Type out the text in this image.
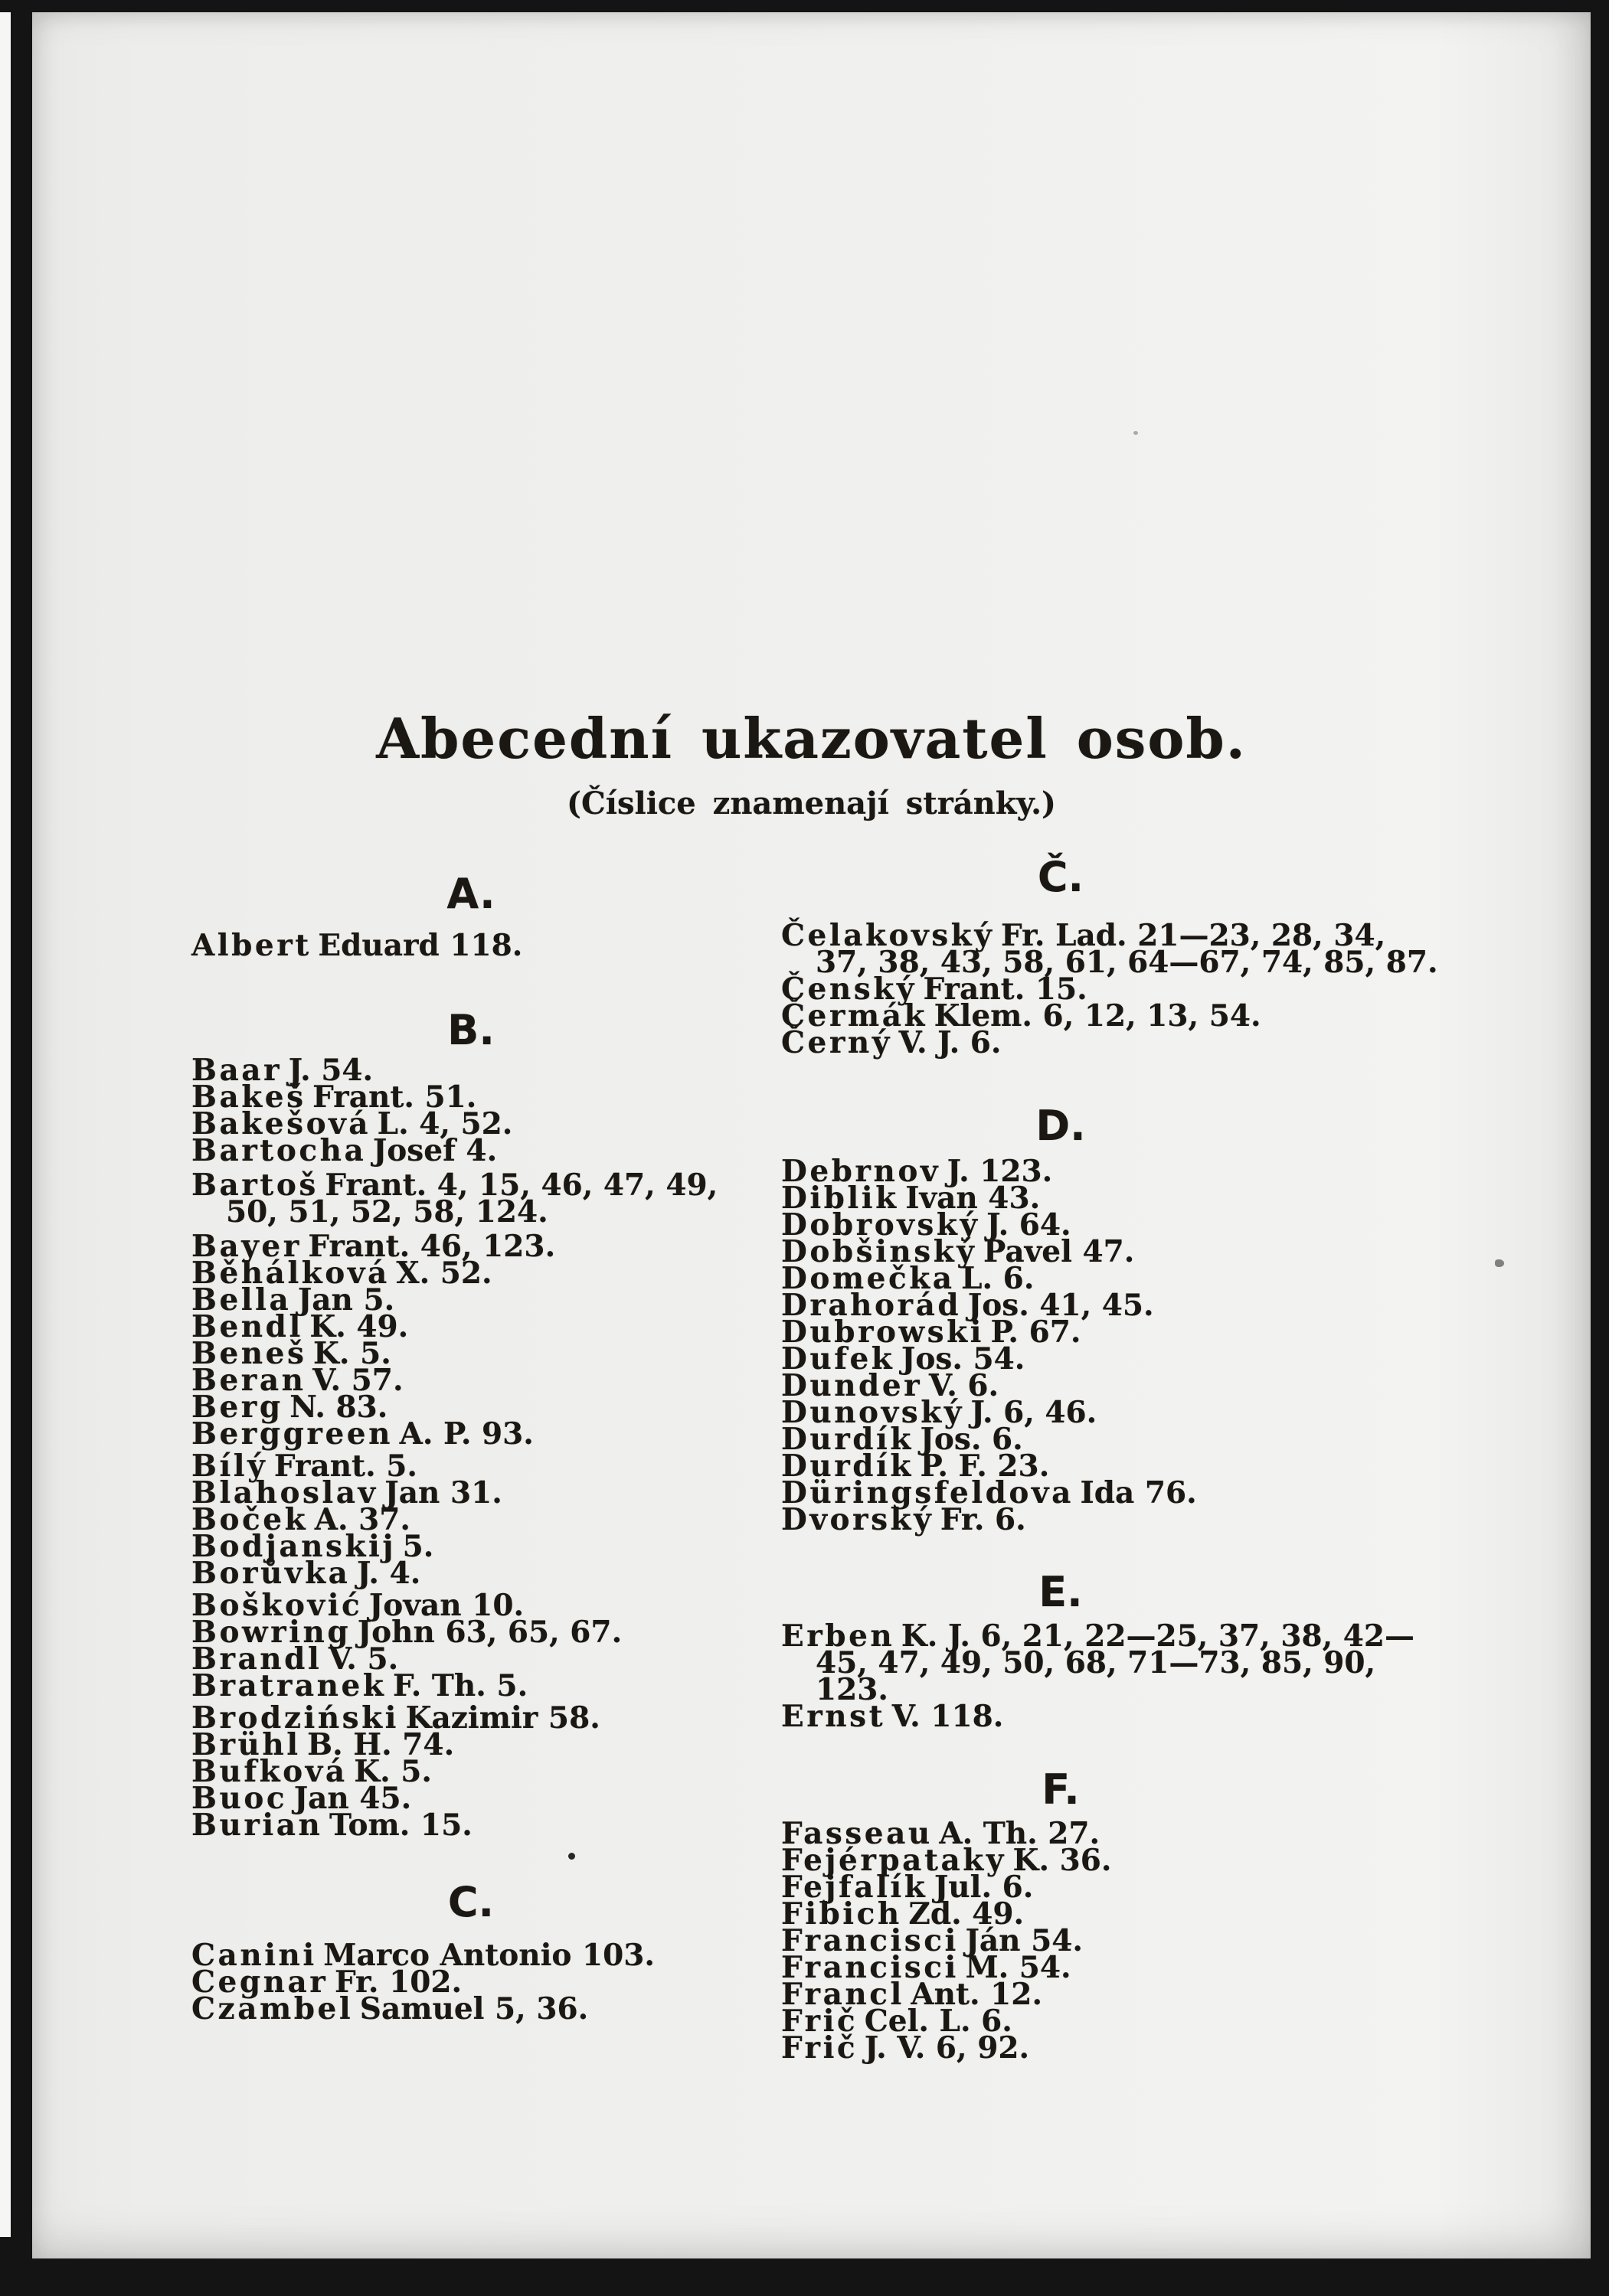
Abecední ukazovatel osob.
(Číslice znamenají stránky.)
A.
Albert Eduard 118.
B.
Baar J. 54.
Bakeš Frant. 51.
Bakešová L. 4, 52.
Bartocha Josef 4.
Bartoš Frant. 4, 15, 46, 47, 49, 50, 51, 52, 58, 124.
Bayer Frant. 46, 123.
Běhálková X. 52.
Bella Jan 5.
Bendl K. 49.
Beneš K. 5.
Beran V. 57.
Berg N. 83.
Berggreen A. P. 93.
Bílý Frant. 5.
Blahoslav Jan 31.
Boček A. 37.
Bodjanskij 5.
Borůvka J. 4.
Bošković Jovan 10.
Bowring John 63, 65, 67.
Brandl V. 5.
Bratranek F. Th. 5.
Brodziński Kazimir 58.
Brühl B. H. 74.
Bufková K. 5.
Buoc Jan 45.
Burian Tom. 15.
C.
Canini Marco Antonio 103.
Cegnar Fr. 102.
Czambel Samuel 5, 36.
Č.
Čelakovský Fr. Lad. 21—23, 28, 34, 37, 38, 43, 58, 61, 64—67, 74, 85, 87.
Čenský Frant. 15.
Čermák Klem. 6, 12, 13, 54.
Černý V. J. 6.
D.
Debrnov J. 123.
Diblik Ivan 43.
Dobrovský J. 64.
Dobšinský Pavel 47.
Domečka L. 6.
Drahorád Jos. 41, 45.
Dubrowski P. 67.
Dufek Jos. 54.
Dunder V. 6.
Dunovský J. 6, 46.
Durdík Jos. 6.
Durdík P. F. 23.
Düringsfeldova Ida 76.
Dvorský Fr. 6.
E.
Erben K. J. 6, 21, 22—25, 37, 38, 42—45, 47, 49, 50, 68, 71—73, 85, 90, 123.
Ernst V. 118.
F.
Fasseau A. Th. 27.
Fejérpataky K. 36.
Fejfalík Jul. 6.
Fibich Zd. 49.
Francisci Ján 54.
Francisci M. 54.
Francl Ant. 12.
Frič Cel. L. 6.
Frič J. V. 6, 92.
